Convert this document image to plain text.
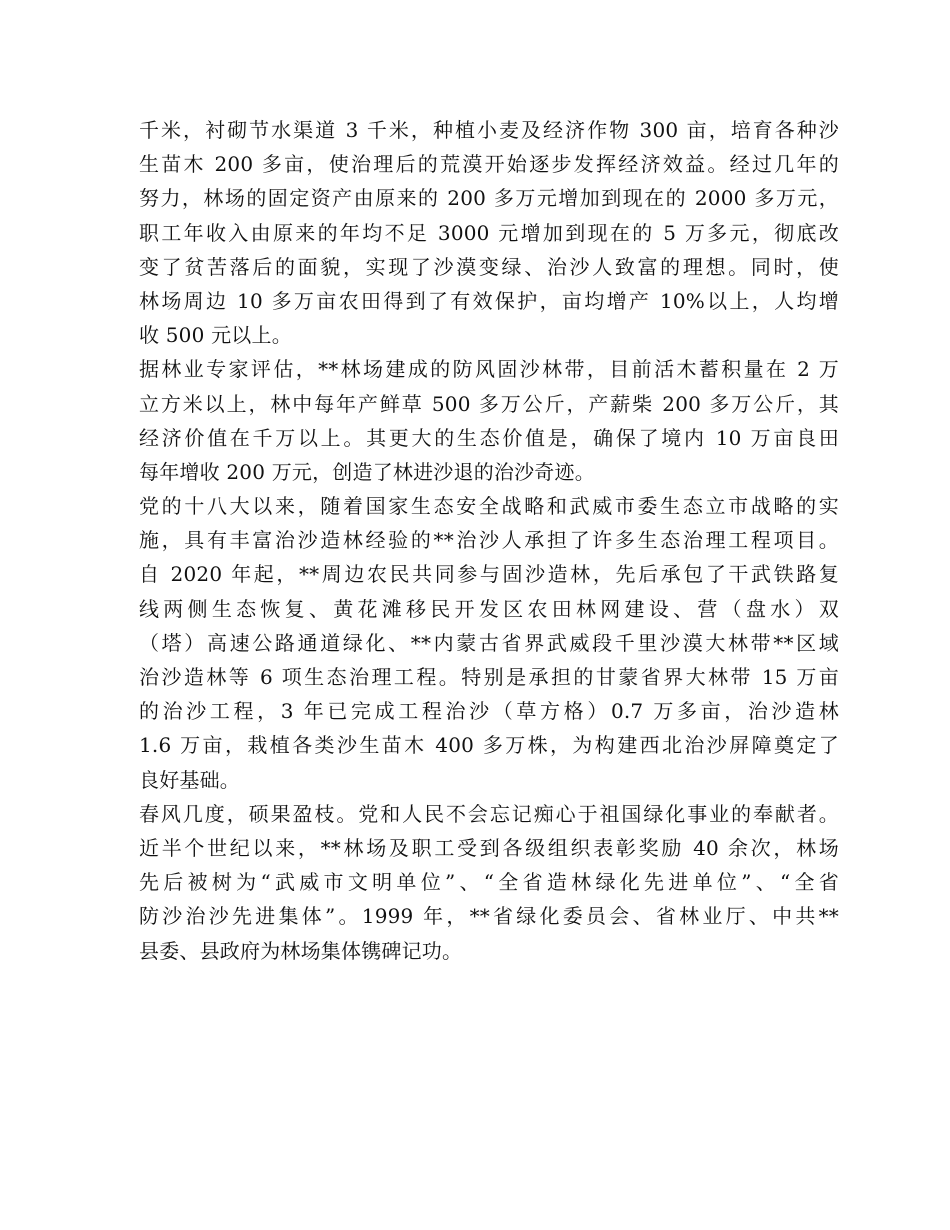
千米，衬砌节水渠道 3 千米，种植小麦及经济作物 300 亩，培育各种沙
生苗木 200 多亩，使治理后的荒漠开始逐步发挥经济效益。经过几年的
努力，林场的固定资产由原来的 200 多万元增加到现在的 2000 多万元，
职工年收入由原来的年均不足 3000 元增加到现在的 5 万多元，彻底改
变了贫苦落后的面貌，实现了沙漠变绿、治沙人致富的理想。同时，使
林场周边 10 多万亩农田得到了有效保护，亩均增产 10%以上，人均增
收 500 元以上。
据林业专家评估，**林场建成的防风固沙林带，目前活木蓄积量在 2 万
立方米以上，林中每年产鲜草 500 多万公斤，产薪柴 200 多万公斤，其
经济价值在千万以上。其更大的生态价值是，确保了境内 10 万亩良田
每年增收 200 万元，创造了林进沙退的治沙奇迹。
党的十八大以来，随着国家生态安全战略和武威市委生态立市战略的实
施，具有丰富治沙造林经验的**治沙人承担了许多生态治理工程项目。
自 2020 年起，**周边农民共同参与固沙造林，先后承包了干武铁路复
线两侧生态恢复、黄花滩移民开发区农田林网建设、营（盘水）双
（塔）高速公路通道绿化、**内蒙古省界武威段千里沙漠大林带**区域
治沙造林等 6 项生态治理工程。特别是承担的甘蒙省界大林带 15 万亩
的治沙工程，3 年已完成工程治沙（草方格）0.7 万多亩，治沙造林
1.6 万亩，栽植各类沙生苗木 400 多万株，为构建西北治沙屏障奠定了
良好基础。
春风几度，硕果盈枝。党和人民不会忘记痴心于祖国绿化事业的奉献者。
近半个世纪以来，**林场及职工受到各级组织表彰奖励 40 余次，林场
先后被树为“武威市文明单位”、“全省造林绿化先进单位”、“全省
防沙治沙先进集体”。1999 年，**省绿化委员会、省林业厅、中共**
县委、县政府为林场集体镌碑记功。
